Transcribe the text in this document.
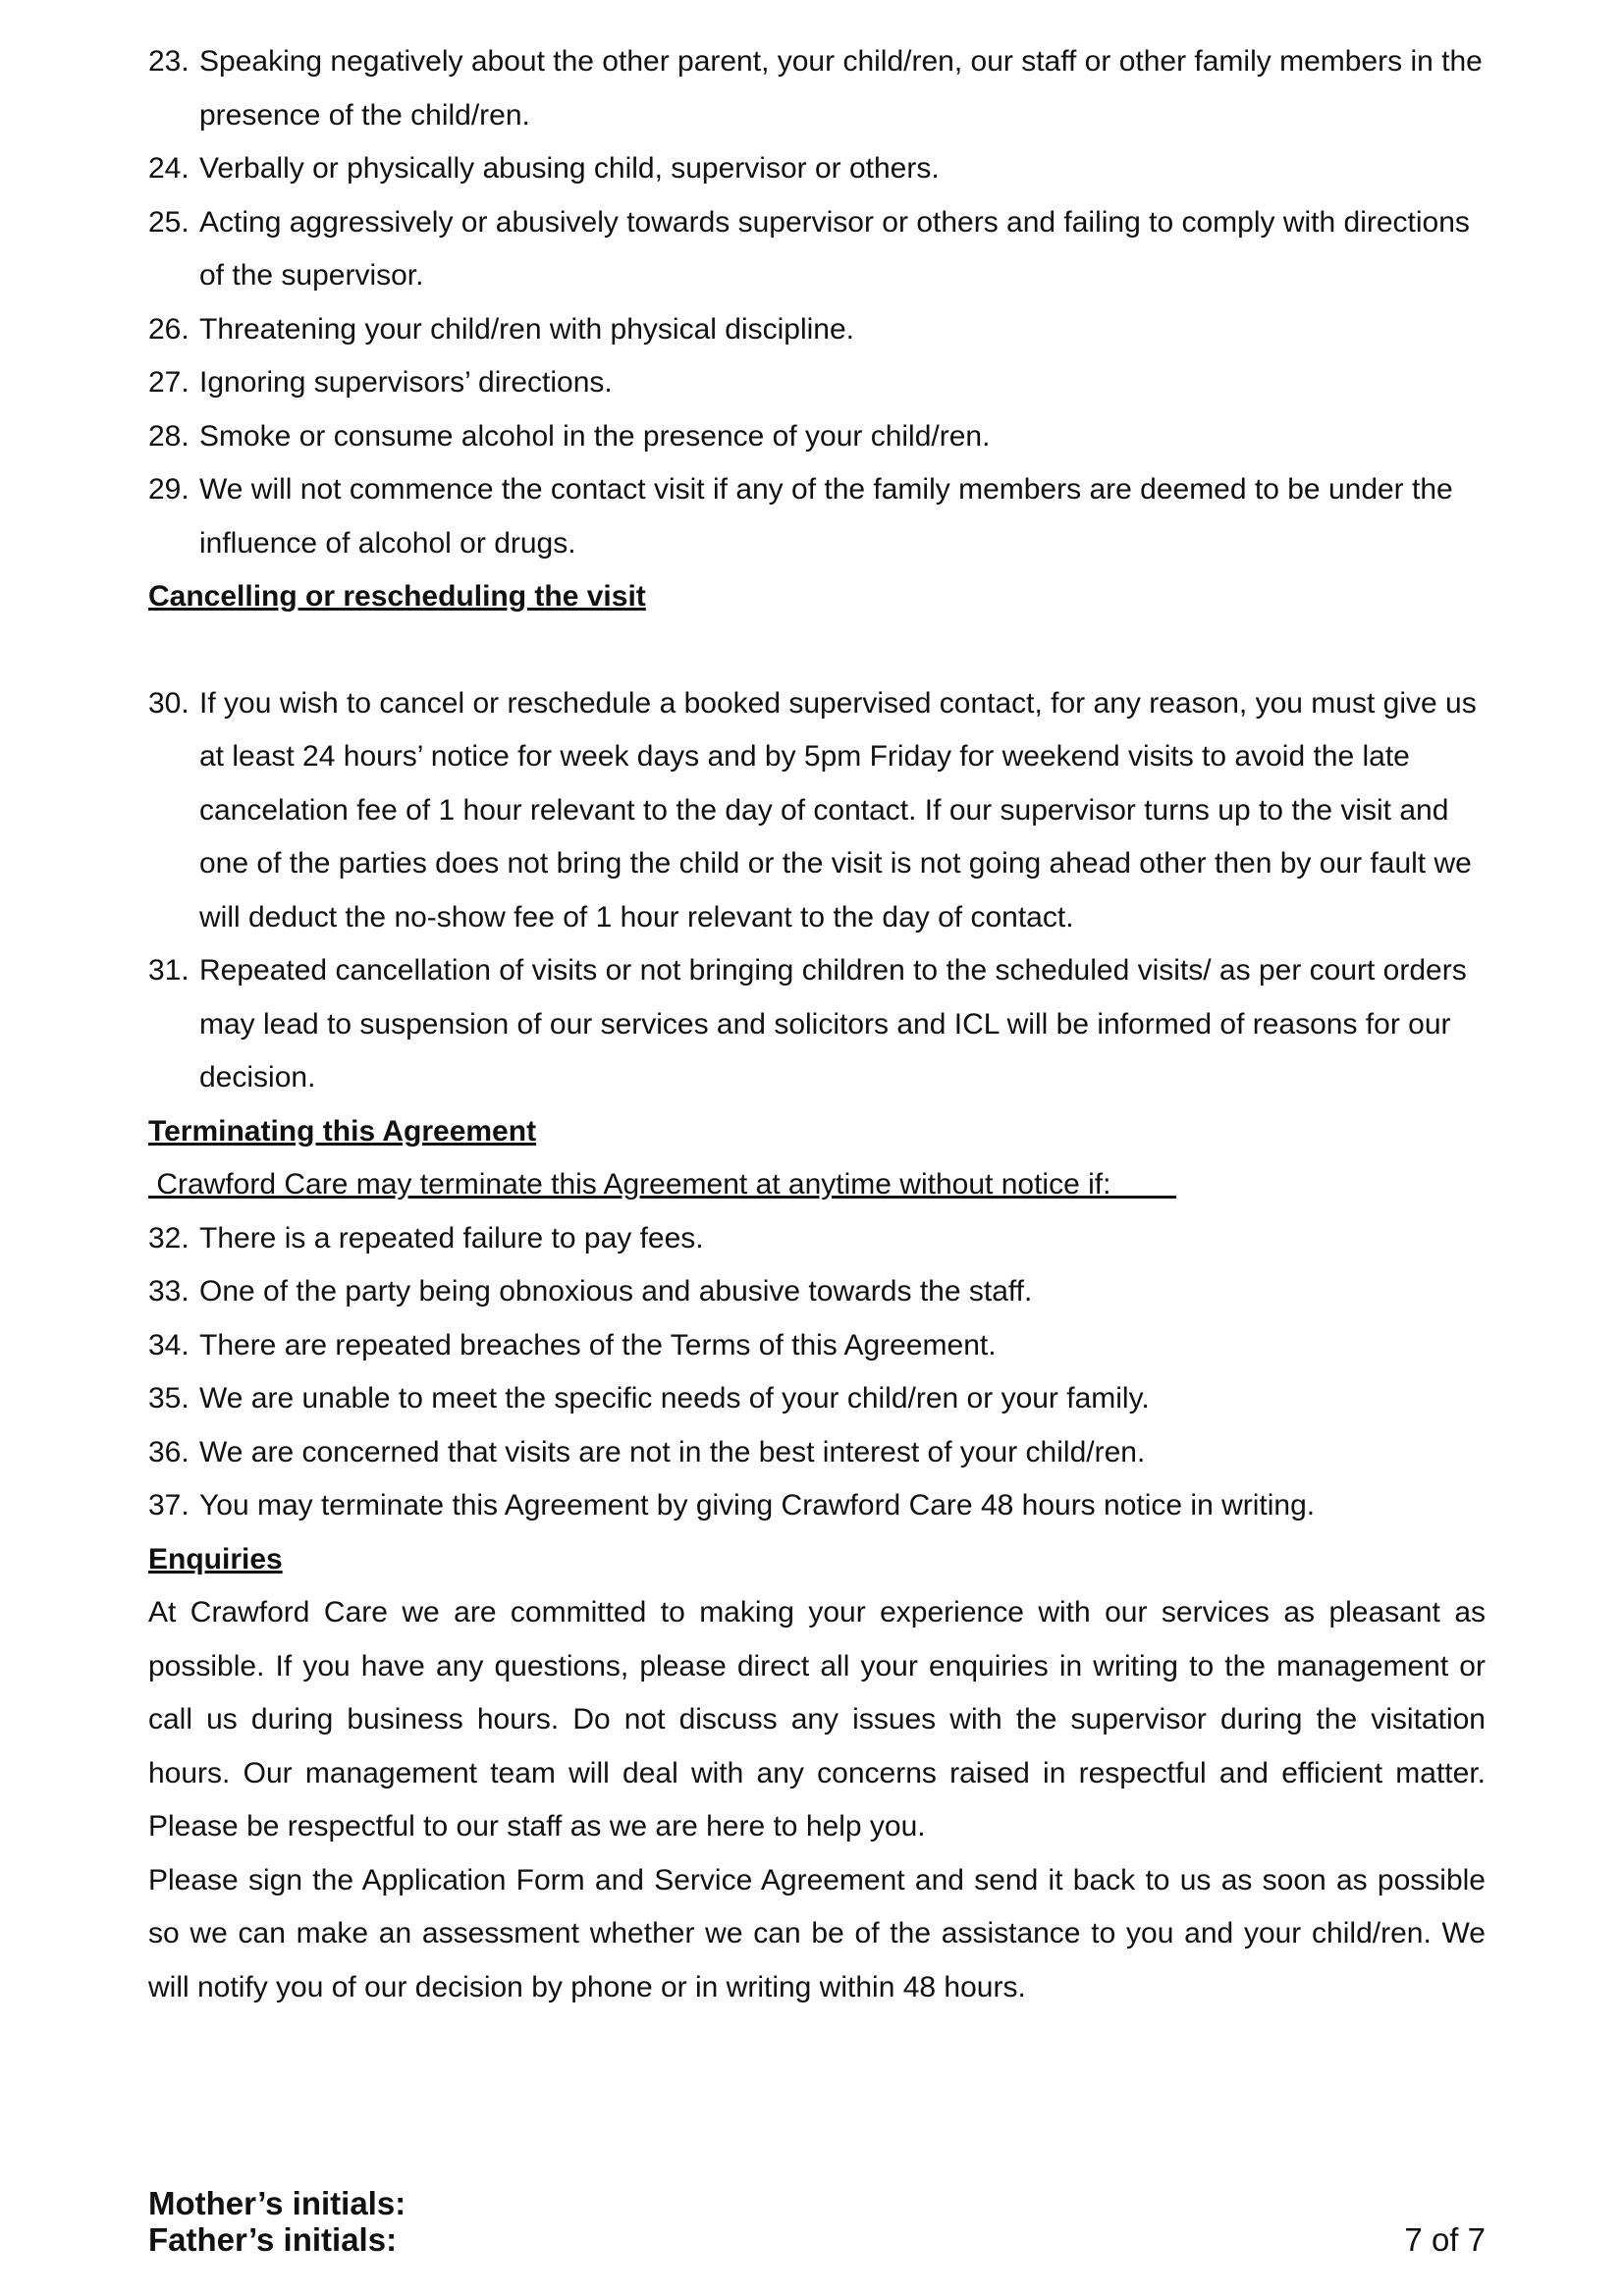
23. Speaking negatively about the other parent, your child/ren, our staff or other family members in the presence of the child/ren.
24. Verbally or physically abusing child, supervisor or others.
25. Acting aggressively or abusively towards supervisor or others and failing to comply with directions of the supervisor.
26. Threatening your child/ren with physical discipline.
27. Ignoring supervisors’ directions.
28. Smoke or consume alcohol in the presence of your child/ren.
29. We will not commence the contact visit if any of the family members are deemed to be under the influence of alcohol or drugs.
Cancelling or rescheduling the visit
30. If you wish to cancel or reschedule a booked supervised contact, for any reason, you must give us at least 24 hours’ notice for week days and by 5pm Friday for weekend visits to avoid the late cancelation fee of 1 hour relevant to the day of contact. If our supervisor turns up to the visit and one of the parties does not bring the child or the visit is not going ahead other then by our fault we will deduct the no-show fee of 1 hour relevant to the day of contact.
31. Repeated cancellation of visits or not bringing children to the scheduled visits/ as per court orders may lead to suspension of our services and solicitors and ICL will be informed of reasons for our decision.
Terminating this Agreement
Crawford Care may terminate this Agreement at anytime without notice if:
32. There is a repeated failure to pay fees.
33. One of the party being obnoxious and abusive towards the staff.
34. There are repeated breaches of the Terms of this Agreement.
35. We are unable to meet the specific needs of your child/ren or your family.
36. We are concerned that visits are not in the best interest of your child/ren.
37. You may terminate this Agreement by giving Crawford Care 48 hours notice in writing.
Enquiries
At Crawford Care we are committed to making your experience with our services as pleasant as possible. If you have any questions, please direct all your enquiries in writing to the management or call us during business hours. Do not discuss any issues with the supervisor during the visitation hours. Our management team will deal with any concerns raised in respectful and efficient matter. Please be respectful to our staff as we are here to help you.
Please sign the Application Form and Service Agreement and send it back to us as soon as possible so we can make an assessment whether we can be of the assistance to you and your child/ren. We will notify you of our decision by phone or in writing within 48 hours.
Mother’s initials:
Father’s initials:	7 of 7
